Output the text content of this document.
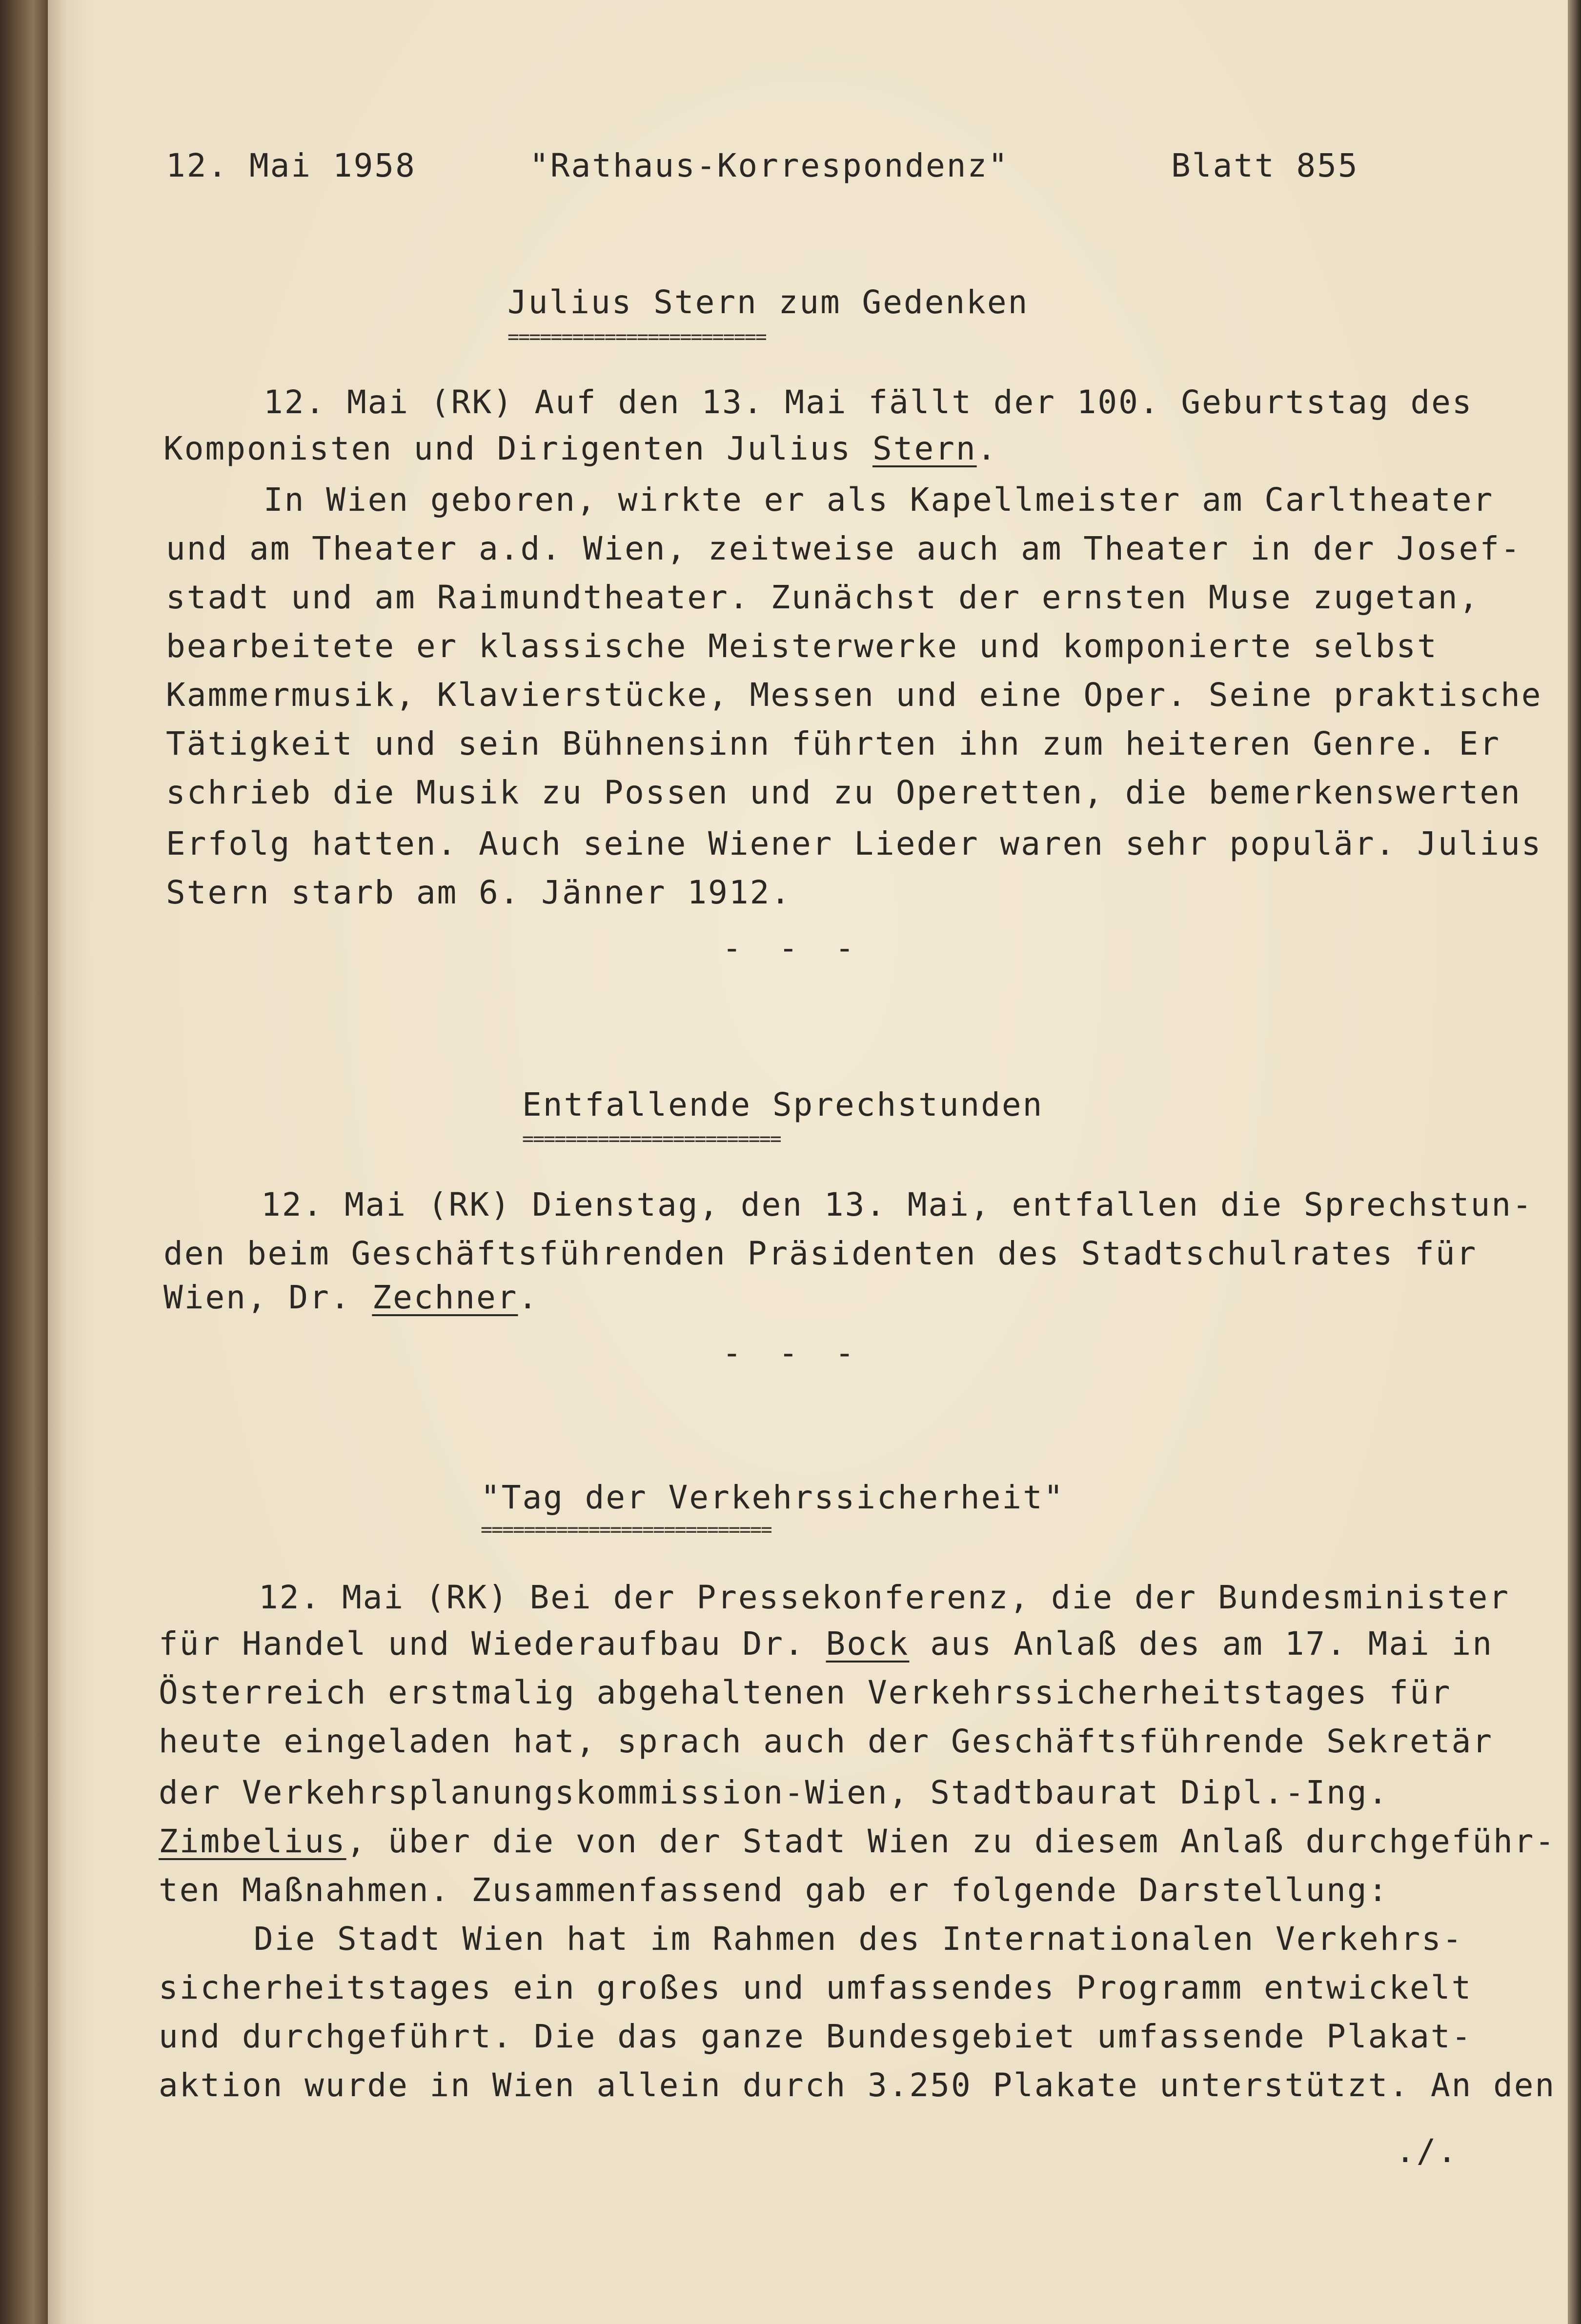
12. Mai 1958	"Rathaus-Korrespondenz"	Blatt 855
Julius Stern zum Gedenken
========================
12. Mai (RK) Auf den 13. Mai fällt der 100. Geburtstag des
Komponisten und Dirigenten Julius Stern.
In Wien geboren, wirkte er als Kapellmeister am Carltheater
und am Theater a.d. Wien, zeitweise auch am Theater in der Josef-
stadt und am Raimundtheater. Zunächst der ernsten Muse zugetan,
bearbeitete er klassische Meisterwerke und komponierte selbst
Kammermusik, Klavierstücke, Messen und eine Oper. Seine praktische
Tätigkeit und sein Bühnensinn führten ihn zum heiteren Genre. Er
schrieb die Musik zu Possen und zu Operetten, die bemerkenswerten
Erfolg hatten. Auch seine Wiener Lieder waren sehr populär. Julius
Stern starb am 6. Jänner 1912.
- - -
Entfallende Sprechstunden
========================
12. Mai (RK) Dienstag, den 13. Mai, entfallen die Sprechstun-
den beim Geschäftsführenden Präsidenten des Stadtschulrates für
Wien, Dr. Zechner.
- - -
"Tag der Verkehrssicherheit"
===========================
12. Mai (RK) Bei der Pressekonferenz, die der Bundesminister
für Handel und Wiederaufbau Dr. Bock aus Anlaß des am 17. Mai in
Österreich erstmalig abgehaltenen Verkehrssicherheitstages für
heute eingeladen hat, sprach auch der Geschäftsführende Sekretär
der Verkehrsplanungskommission-Wien, Stadtbaurat Dipl.-Ing.
Zimbelius, über die von der Stadt Wien zu diesem Anlaß durchgeführ-
ten Maßnahmen. Zusammenfassend gab er folgende Darstellung:
Die Stadt Wien hat im Rahmen des Internationalen Verkehrs-
sicherheitstages ein großes und umfassendes Programm entwickelt
und durchgeführt. Die das ganze Bundesgebiet umfassende Plakat-
aktion wurde in Wien allein durch 3.250 Plakate unterstützt. An den
./.
